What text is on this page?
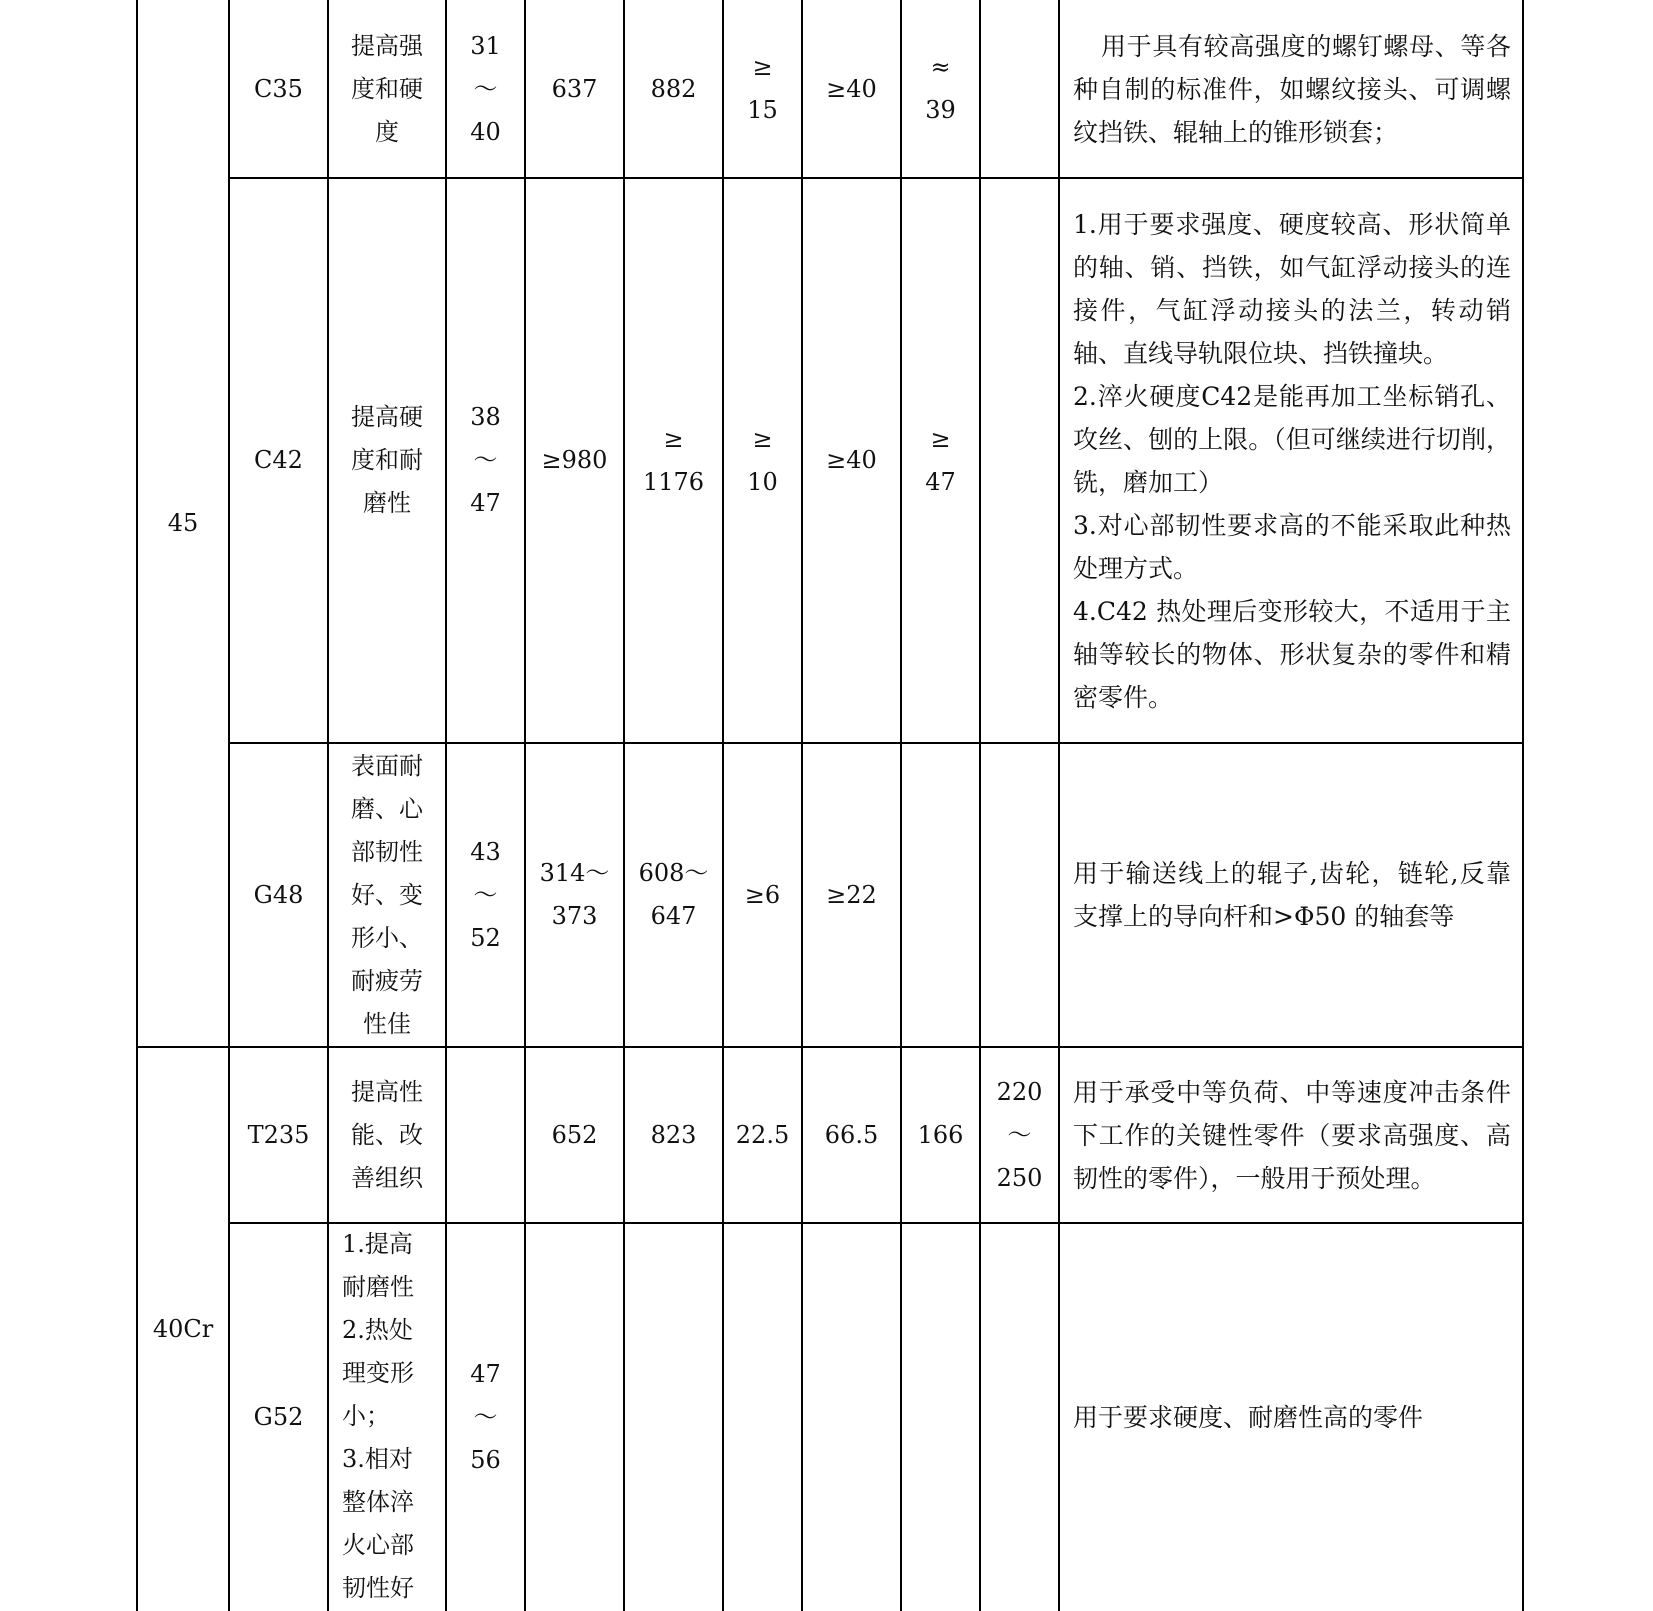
45
C35
提高强
度和硬
度
31
～
40
637 882
≥
15
≥40
≈
39
用于具有较高强度的螺钉螺母、等各种自制的标准件，如螺纹接头、可调螺纹挡铁、辊轴上的锥形锁套；
C42
提高硬
度和耐
磨性
38
～
47
≥980
≥
1176
≥
10
≥40
≥
47
1.用于要求强度、硬度较高、形状简单的轴、销、挡铁，如气缸浮动接头的连接件，气缸浮动接头的法兰，转动销轴、直线导轨限位块、挡铁撞块。
2.淬火硬度C42是能再加工坐标销孔、攻丝、刨的上限。（但可继续进行切削，铣，磨加工）
3.对心部韧性要求高的不能采取此种热处理方式。
4.C42 热处理后变形较大，不适用于主轴等较长的物体、形状复杂的零件和精密零件。
G48
表面耐
磨、心
部韧性
好、变
形小、
耐疲劳
性佳
43
～
52
314～
373
608～
647
≥6 ≥22
用于输送线上的辊子,齿轮，链轮,反靠支撑上的导向杆和>Φ50 的轴套等
40Cr
T235
提高性
能、改
善组织
652 823 22.5 66.5 166
220
～
250
用于承受中等负荷、中等速度冲击条件下工作的关键性零件（要求高强度、高韧性的零件），一般用于预处理。
G52
1.提高
耐磨性
2.热处
理变形
小；
3.相对
整体淬
火心部
韧性好
47
～
56
用于要求硬度、耐磨性高的零件
